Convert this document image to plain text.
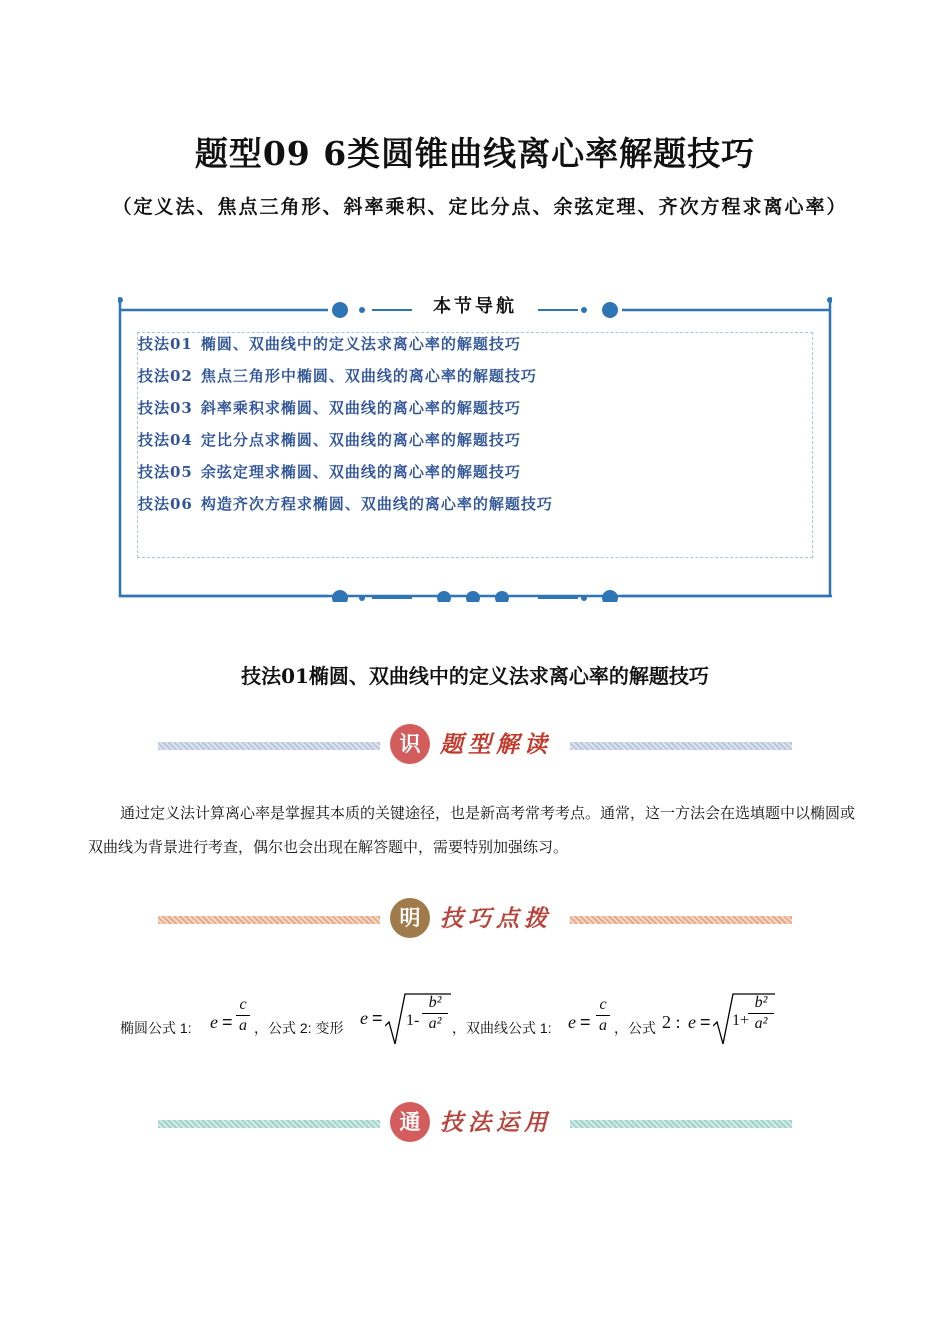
题型09 6类圆锥曲线离心率解题技巧
（定义法、焦点三角形、斜率乘积、定比分点、余弦定理、齐次方程求离心率）
本节导航
技法01 椭圆、双曲线中的定义法求离心率的解题技巧
技法02 焦点三角形中椭圆、双曲线的离心率的解题技巧
技法03 斜率乘积求椭圆、双曲线的离心率的解题技巧
技法04 定比分点求椭圆、双曲线的离心率的解题技巧
技法05 余弦定理求椭圆、双曲线的离心率的解题技巧
技法06 构造齐次方程求椭圆、双曲线的离心率的解题技巧
技法01椭圆、双曲线中的定义法求离心率的解题技巧
识 题型解读
通过定义法计算离心率是掌握其本质的关键途径，也是新高考常考考点。通常，这一方法会在选填题中以椭圆或双曲线为背景进行考查，偶尔也会出现在解答题中，需要特别加强练习。
明 技巧点拨
椭圆公式 1: e =
c
a ，公式 2: 变形 e = 1-
b²
a² ，双曲线公式 1: e =
c
a ，公式 2 : e = 1+
b²
a²
通 技法运用
